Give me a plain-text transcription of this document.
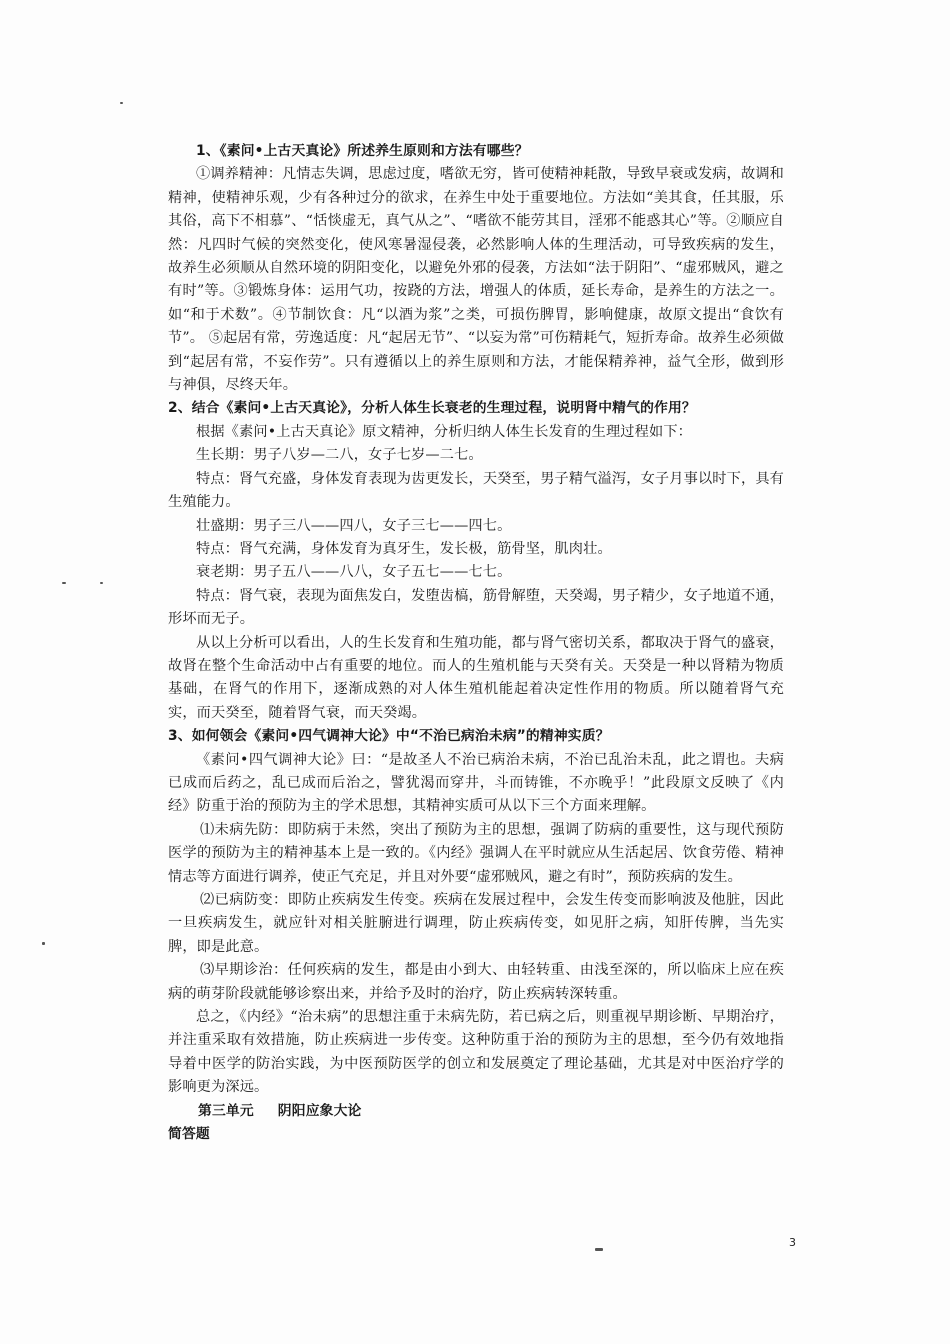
1、《素问•上古天真论》所述养生原则和方法有哪些？

①调养精神：凡情志失调，思虑过度，嗜欲无穷，皆可使精神耗散，导致早衰或发病，故调和精神，使精神乐观，少有各种过分的欲求，在养生中处于重要地位。方法如“美其食，任其服，乐其俗，高下不相慕”、“恬惔虚无，真气从之”、“嗜欲不能劳其目，淫邪不能惑其心”等。②顺应自然：凡四时气候的突然变化，使风寒暑湿侵袭，必然影响人体的生理活动，可导致疾病的发生，故养生必须顺从自然环境的阴阳变化，以避免外邪的侵袭，方法如“法于阴阳”、“虚邪贼风，避之有时”等。③锻炼身体：运用气功，按跷的方法，增强人的体质，延长寿命，是养生的方法之一。如“和于术数”。④节制饮食：凡“以酒为浆”之类，可损伤脾胃，影响健康，故原文提出“食饮有节”。 ⑤起居有常，劳逸适度：凡“起居无节”、“以妄为常”可伤精耗气，短折寿命。故养生必须做到“起居有常，不妄作劳”。只有遵循以上的养生原则和方法，才能保精养神，益气全形，做到形与神俱，尽终天年。

2、结合《素问•上古天真论》，分析人体生长衰老的生理过程，说明肾中精气的作用？

根据《素问•上古天真论》原文精神，分析归纳人体生长发育的生理过程如下：

生长期：男子八岁—二八，女子七岁—二七。

特点：肾气充盛，身体发育表现为齿更发长，天癸至，男子精气溢泻，女子月事以时下，具有生殖能力。

壮盛期：男子三八——四八，女子三七——四七。

特点：肾气充满，身体发育为真牙生，发长极，筋骨坚，肌肉壮。

衰老期：男子五八——八八，女子五七——七七。

特点：肾气衰，表现为面焦发白，发堕齿槁，筋骨解堕，天癸竭，男子精少，女子地道不通，形坏而无子。

从以上分析可以看出，人的生长发育和生殖功能，都与肾气密切关系，都取决于肾气的盛衰，故肾在整个生命活动中占有重要的地位。而人的生殖机能与天癸有关。天癸是一种以肾精为物质基础，在肾气的作用下，逐渐成熟的对人体生殖机能起着决定性作用的物质。所以随着肾气充实，而天癸至，随着肾气衰，而天癸竭。

3、如何领会《素问•四气调神大论》中“不治已病治未病”的精神实质？

《素问•四气调神大论》曰：“是故圣人不治已病治未病，不治已乱治未乱，此之谓也。夫病已成而后药之，乱已成而后治之，譬犹渴而穿井，斗而铸锥，不亦晚乎！”此段原文反映了《内经》防重于治的预防为主的学术思想，其精神实质可从以下三个方面来理解。

⑴未病先防：即防病于未然，突出了预防为主的思想，强调了防病的重要性，这与现代预防医学的预防为主的精神基本上是一致的。《内经》强调人在平时就应从生活起居、饮食劳倦、精神情志等方面进行调养，使正气充足，并且对外要“虚邪贼风，避之有时”，预防疾病的发生。

⑵已病防变：即防止疾病发生传变。疾病在发展过程中，会发生传变而影响波及他脏，因此一旦疾病发生，就应针对相关脏腑进行调理，防止疾病传变，如见肝之病，知肝传脾，当先实脾，即是此意。

⑶早期诊治：任何疾病的发生，都是由小到大、由轻转重、由浅至深的，所以临床上应在疾病的萌芽阶段就能够诊察出来，并给予及时的治疗，防止疾病转深转重。

总之，《内经》“治未病”的思想注重于未病先防，若已病之后，则重视早期诊断、早期治疗，并注重采取有效措施，防止疾病进一步传变。这种防重于治的预防为主的思想，至今仍有效地指导着中医学的防治实践，为中医预防医学的创立和发展奠定了理论基础，尤其是对中医治疗学的影响更为深远。

第三单元 阴阳应象大论

简答题

3
